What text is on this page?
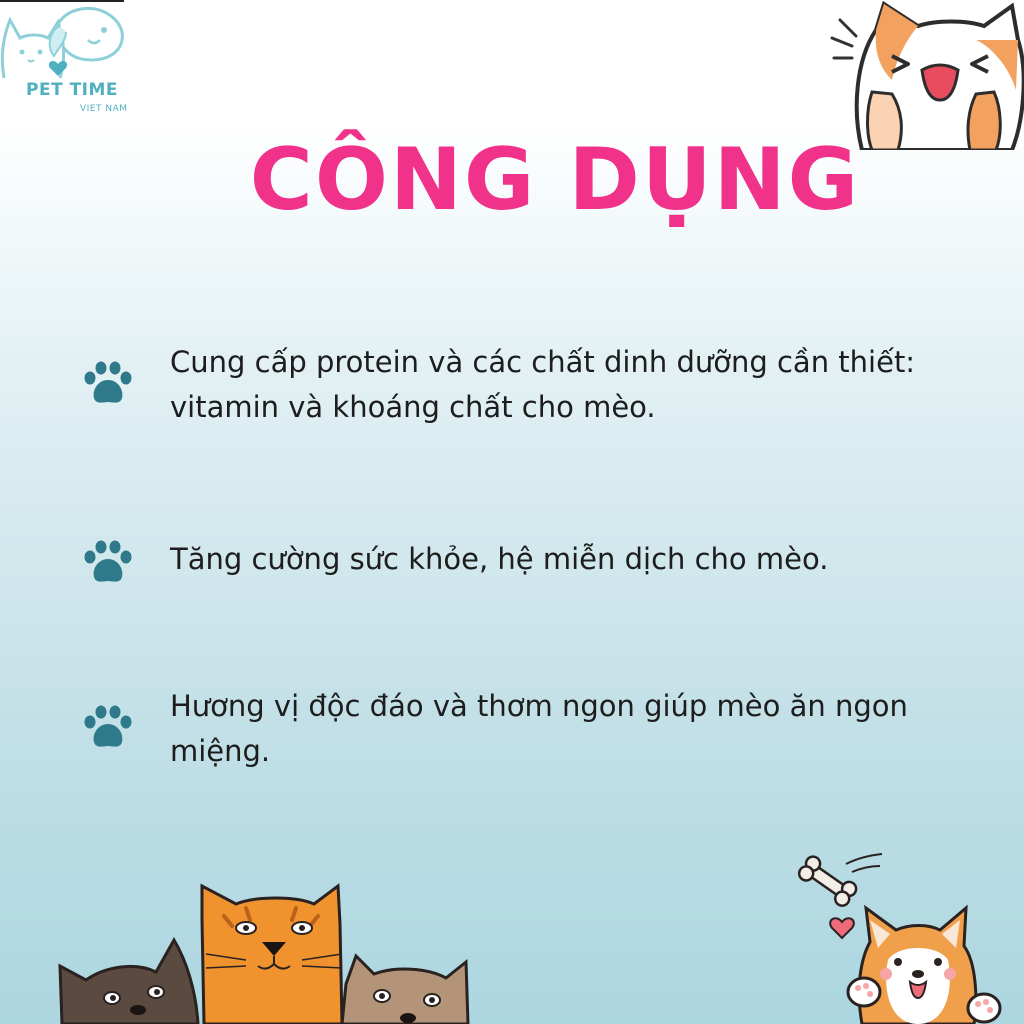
PET TIME
VIET NAM
CÔNG DỤNG
Cung cấp protein và các chất dinh dưỡng cần thiết: vitamin và khoáng chất cho mèo.
Tăng cường sức khỏe, hệ miễn dịch cho mèo.
Hương vị độc đáo và thơm ngon giúp mèo ăn ngon miệng.
